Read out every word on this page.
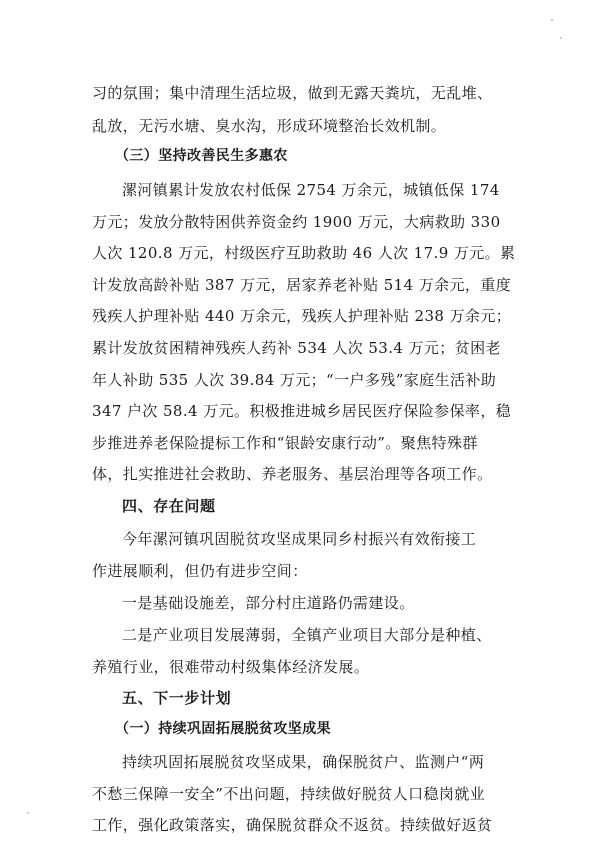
习的氛围；集中清理生活垃圾，做到无露天粪坑，无乱堆、
乱放，无污水塘、臭水沟，形成环境整治长效机制。
（三）坚持改善民生多惠农
漯河镇累计发放农村低保 2754 万余元，城镇低保 174
万元；发放分散特困供养资金约 1900 万元，大病救助 330
人次 120.8 万元，村级医疗互助救助 46 人次 17.9 万元。累
计发放高龄补贴 387 万元，居家养老补贴 514 万余元，重度
残疾人护理补贴 440 万余元，残疾人护理补贴 238 万余元；
累计发放贫困精神残疾人药补 534 人次 53.4 万元；贫困老
年人补助 535 人次 39.84 万元；“一户多残”家庭生活补助
347 户次 58.4 万元。积极推进城乡居民医疗保险参保率，稳
步推进养老保险提标工作和“银龄安康行动”。聚焦特殊群
体，扎实推进社会救助、养老服务、基层治理等各项工作。
四、存在问题
今年漯河镇巩固脱贫攻坚成果同乡村振兴有效衔接工
作进展顺利，但仍有进步空间：
一是基础设施差，部分村庄道路仍需建设。
二是产业项目发展薄弱，全镇产业项目大部分是种植、
养殖行业，很难带动村级集体经济发展。
五、下一步计划
（一）持续巩固拓展脱贫攻坚成果
持续巩固拓展脱贫攻坚成果，确保脱贫户、监测户“两
不愁三保障一安全”不出问题，持续做好脱贫人口稳岗就业
工作，强化政策落实，确保脱贫群众不返贫。持续做好返贫
